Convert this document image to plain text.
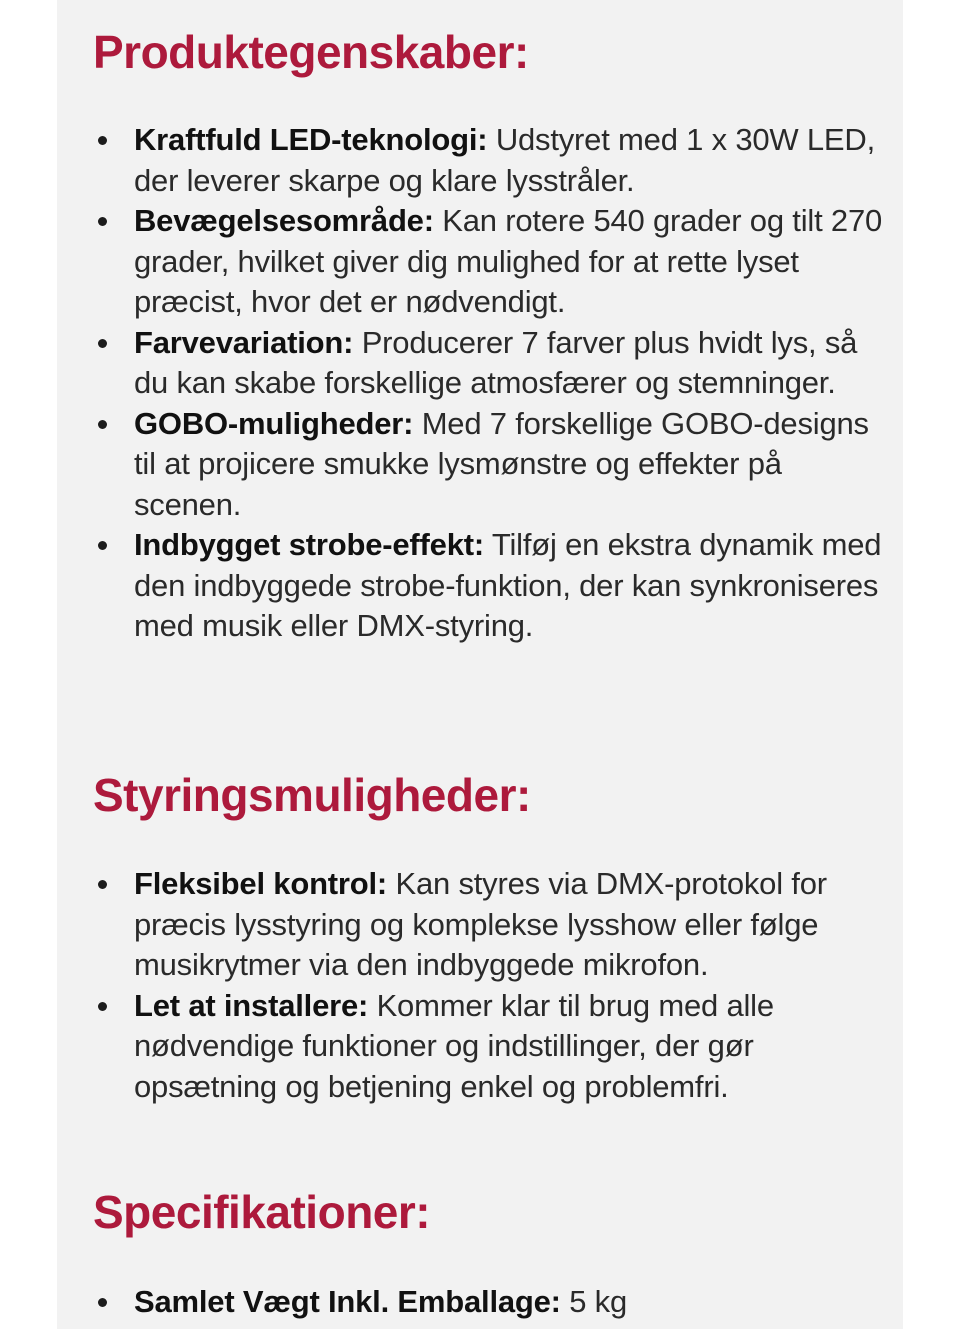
Produktegenskaber:
Kraftfuld LED-teknologi: Udstyret med 1 x 30W LED, der leverer skarpe og klare lysstråler.
Bevægelsesområde: Kan rotere 540 grader og tilt 270 grader, hvilket giver dig mulighed for at rette lyset præcist, hvor det er nødvendigt.
Farvevariation: Producerer 7 farver plus hvidt lys, så du kan skabe forskellige atmosfærer og stemninger.
GOBO-muligheder: Med 7 forskellige GOBO-designs til at projicere smukke lysmønstre og effekter på scenen.
Indbygget strobe-effekt: Tilføj en ekstra dynamik med den indbyggede strobe-funktion, der kan synkroniseres med musik eller DMX-styring.
Styringsmuligheder:
Fleksibel kontrol: Kan styres via DMX-protokol for præcis lysstyring og komplekse lysshow eller følge musikrytmer via den indbyggede mikrofon.
Let at installere: Kommer klar til brug med alle nødvendige funktioner og indstillinger, der gør opsætning og betjening enkel og problemfri.
Specifikationer:
Samlet Vægt Inkl. Emballage: 5 kg
